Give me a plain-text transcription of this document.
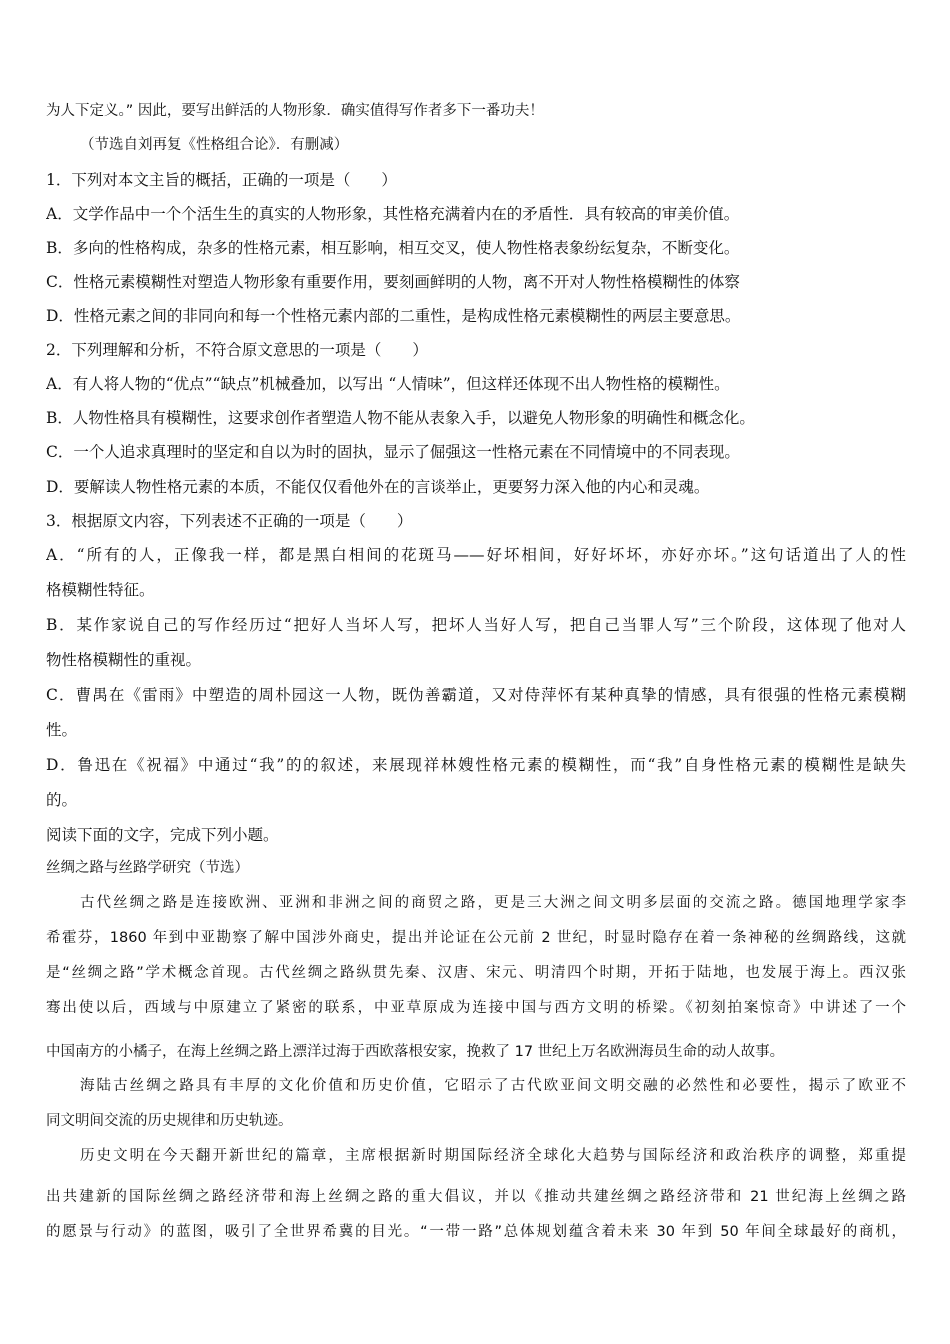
为人下定义。” 因此，要写出鲜活的人物形象．确实值得写作者多下一番功夫！
（节选自刘再复《性格组合论》．有删减）
1．下列对本文主旨的概括，正确的一项是（　　）
A．文学作品中一个个活生生的真实的人物形象，其性格充满着内在的矛盾性．具有较高的审美价值。
B．多向的性格构成，杂多的性格元素，相互影响，相互交叉，使人物性格表象纷纭复杂，不断变化。
C．性格元素模糊性对塑造人物形象有重要作用，要刻画鲜明的人物，离不开对人物性格模糊性的体察
D．性格元素之间的非同向和每一个性格元素内部的二重性，是构成性格元素模糊性的两层主要意思。
2．下列理解和分析，不符合原文意思的一项是（　　）
A．有人将人物的“优点”“缺点”机械叠加，以写出 “人情味”，但这样还体现不出人物性格的模糊性。
B．人物性格具有模糊性，这要求创作者塑造人物不能从表象入手，以避免人物形象的明确性和概念化。
C．一个人追求真理时的坚定和自以为时的固执，显示了倔强这一性格元素在不同情境中的不同表现。
D．要解读人物性格元素的本质，不能仅仅看他外在的言谈举止，更要努力深入他的内心和灵魂。
3．根据原文内容，下列表述不正确的一项是（　　）
A．“所有的人，正像我一样，都是黑白相间的花斑马——好坏相间，好好坏坏，亦好亦坏。”这句话道出了人的性
格模糊性特征。
B．某作家说自己的写作经历过“把好人当坏人写，把坏人当好人写，把自己当罪人写”三个阶段，这体现了他对人
物性格模糊性的重视。
C．曹禺在《雷雨》中塑造的周朴园这一人物，既伪善霸道，又对侍萍怀有某种真挚的情感，具有很强的性格元素模糊
性。
D．鲁迅在《祝福》中通过“我”的的叙述，来展现祥林嫂性格元素的模糊性，而“我”自身性格元素的模糊性是缺失
的。
阅读下面的文字，完成下列小题。
丝绸之路与丝路学研究（节选）
古代丝绸之路是连接欧洲、亚洲和非洲之间的商贸之路，更是三大洲之间文明多层面的交流之路。德国地理学家李
希霍芬，1860 年到中亚勘察了解中国涉外商史，提出并论证在公元前 2 世纪，时显时隐存在着一条神秘的丝绸路线，这就
是“丝绸之路”学术概念首现。古代丝绸之路纵贯先秦、汉唐、宋元、明清四个时期，开拓于陆地，也发展于海上。西汉张
骞出使以后，西域与中原建立了紧密的联系，中亚草原成为连接中国与西方文明的桥梁。《初刻拍案惊奇》中讲述了一个
中国南方的小橘子，在海上丝绸之路上漂洋过海于西欧落根安家，挽救了 17 世纪上万名欧洲海员生命的动人故事。
海陆古丝绸之路具有丰厚的文化价值和历史价值，它昭示了古代欧亚间文明交融的必然性和必要性，揭示了欧亚不
同文明间交流的历史规律和历史轨迹。
历史文明在今天翻开新世纪的篇章，主席根据新时期国际经济全球化大趋势与国际经济和政治秩序的调整，郑重提
出共建新的国际丝绸之路经济带和海上丝绸之路的重大倡议，并以《推动共建丝绸之路经济带和 21 世纪海上丝绸之路
的愿景与行动》的蓝图，吸引了全世界希冀的目光。“一带一路”总体规划蕴含着未来 30 年到 50 年间全球最好的商机，
